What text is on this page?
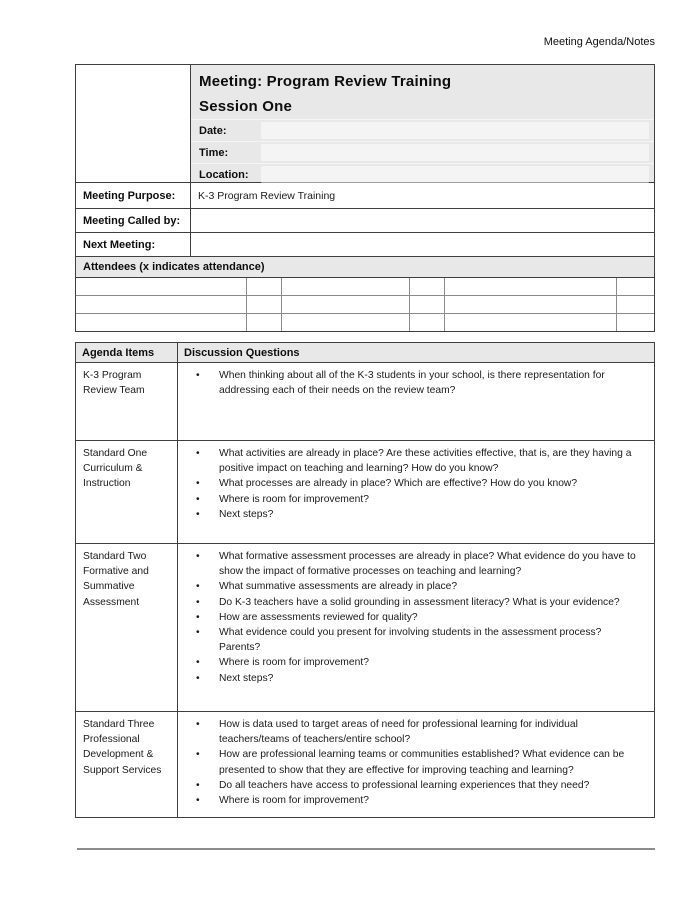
Meeting Agenda/Notes
Meeting: Program Review Training
Session One
Date:
Time:
Location:
Meeting Purpose:	K-3 Program Review Training
Meeting Called by:
Next Meeting:
Attendees (x indicates attendance)
Agenda Items	Discussion Questions
K-3 Program Review Team
• When thinking about all of the K-3 students in your school, is there representation for addressing each of their needs on the review team?
Standard One Curriculum & Instruction
• What activities are already in place? Are these activities effective, that is, are they having a positive impact on teaching and learning? How do you know?
• What processes are already in place? Which are effective? How do you know?
• Where is room for improvement?
• Next steps?
Standard Two Formative and Summative Assessment
• What formative assessment processes are already in place? What evidence do you have to show the impact of formative processes on teaching and learning?
• What summative assessments are already in place?
• Do K-3 teachers have a solid grounding in assessment literacy? What is your evidence?
• How are assessments reviewed for quality?
• What evidence could you present for involving students in the assessment process? Parents?
• Where is room for improvement?
• Next steps?
Standard Three Professional Development & Support Services
• How is data used to target areas of need for professional learning for individual teachers/teams of teachers/entire school?
• How are professional learning teams or communities established? What evidence can be presented to show that they are effective for improving teaching and learning?
• Do all teachers have access to professional learning experiences that they need?
• Where is room for improvement?
